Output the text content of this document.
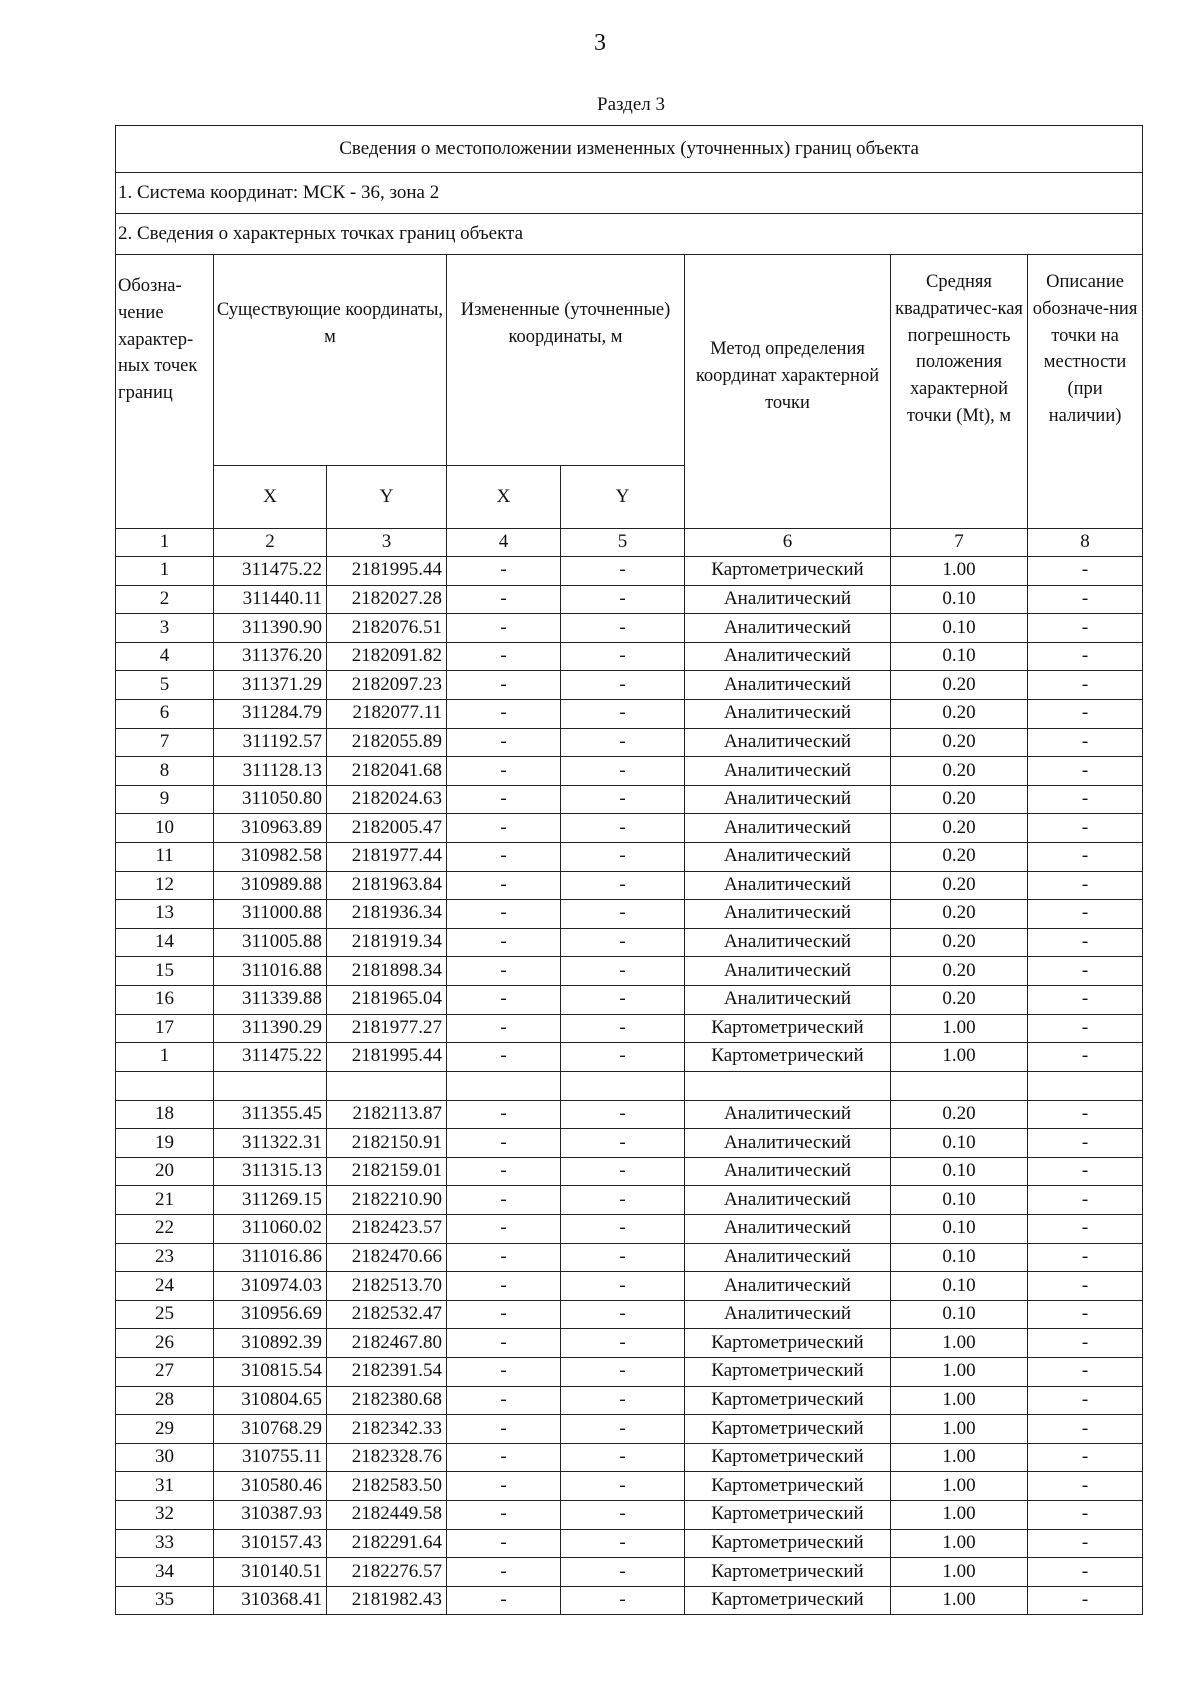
3
Раздел 3
Сведения о местоположении измененных (уточненных) границ объекта							
1. Система координат: МСК - 36, зона 2							
2. Сведения о характерных точках границ объекта							
Обозна-чение характер-ных точек границ	Существующие координаты, м		Измененные (уточненные) координаты, м		Метод определения координат характерной точки	Средняя квадратичес-кая погрешность положения характерной точки (Mt), м	Описание обозначе-ния точки на местности (при наличии)
	X	Y	X	Y			
1	2	3	4	5	6	7	8
1	311475.22	2181995.44	-	-	Картометрический	1.00	-
2	311440.11	2182027.28	-	-	Аналитический	0.10	-
3	311390.90	2182076.51	-	-	Аналитический	0.10	-
4	311376.20	2182091.82	-	-	Аналитический	0.10	-
5	311371.29	2182097.23	-	-	Аналитический	0.20	-
6	311284.79	2182077.11	-	-	Аналитический	0.20	-
7	311192.57	2182055.89	-	-	Аналитический	0.20	-
8	311128.13	2182041.68	-	-	Аналитический	0.20	-
9	311050.80	2182024.63	-	-	Аналитический	0.20	-
10	310963.89	2182005.47	-	-	Аналитический	0.20	-
11	310982.58	2181977.44	-	-	Аналитический	0.20	-
12	310989.88	2181963.84	-	-	Аналитический	0.20	-
13	311000.88	2181936.34	-	-	Аналитический	0.20	-
14	311005.88	2181919.34	-	-	Аналитический	0.20	-
15	311016.88	2181898.34	-	-	Аналитический	0.20	-
16	311339.88	2181965.04	-	-	Аналитический	0.20	-
17	311390.29	2181977.27	-	-	Картометрический	1.00	-
1	311475.22	2181995.44	-	-	Картометрический	1.00	-

18	311355.45	2182113.87	-	-	Аналитический	0.20	-
19	311322.31	2182150.91	-	-	Аналитический	0.10	-
20	311315.13	2182159.01	-	-	Аналитический	0.10	-
21	311269.15	2182210.90	-	-	Аналитический	0.10	-
22	311060.02	2182423.57	-	-	Аналитический	0.10	-
23	311016.86	2182470.66	-	-	Аналитический	0.10	-
24	310974.03	2182513.70	-	-	Аналитический	0.10	-
25	310956.69	2182532.47	-	-	Аналитический	0.10	-
26	310892.39	2182467.80	-	-	Картометрический	1.00	-
27	310815.54	2182391.54	-	-	Картометрический	1.00	-
28	310804.65	2182380.68	-	-	Картометрический	1.00	-
29	310768.29	2182342.33	-	-	Картометрический	1.00	-
30	310755.11	2182328.76	-	-	Картометрический	1.00	-
31	310580.46	2182583.50	-	-	Картометрический	1.00	-
32	310387.93	2182449.58	-	-	Картометрический	1.00	-
33	310157.43	2182291.64	-	-	Картометрический	1.00	-
34	310140.51	2182276.57	-	-	Картометрический	1.00	-
35	310368.41	2181982.43	-	-	Картометрический	1.00	-
